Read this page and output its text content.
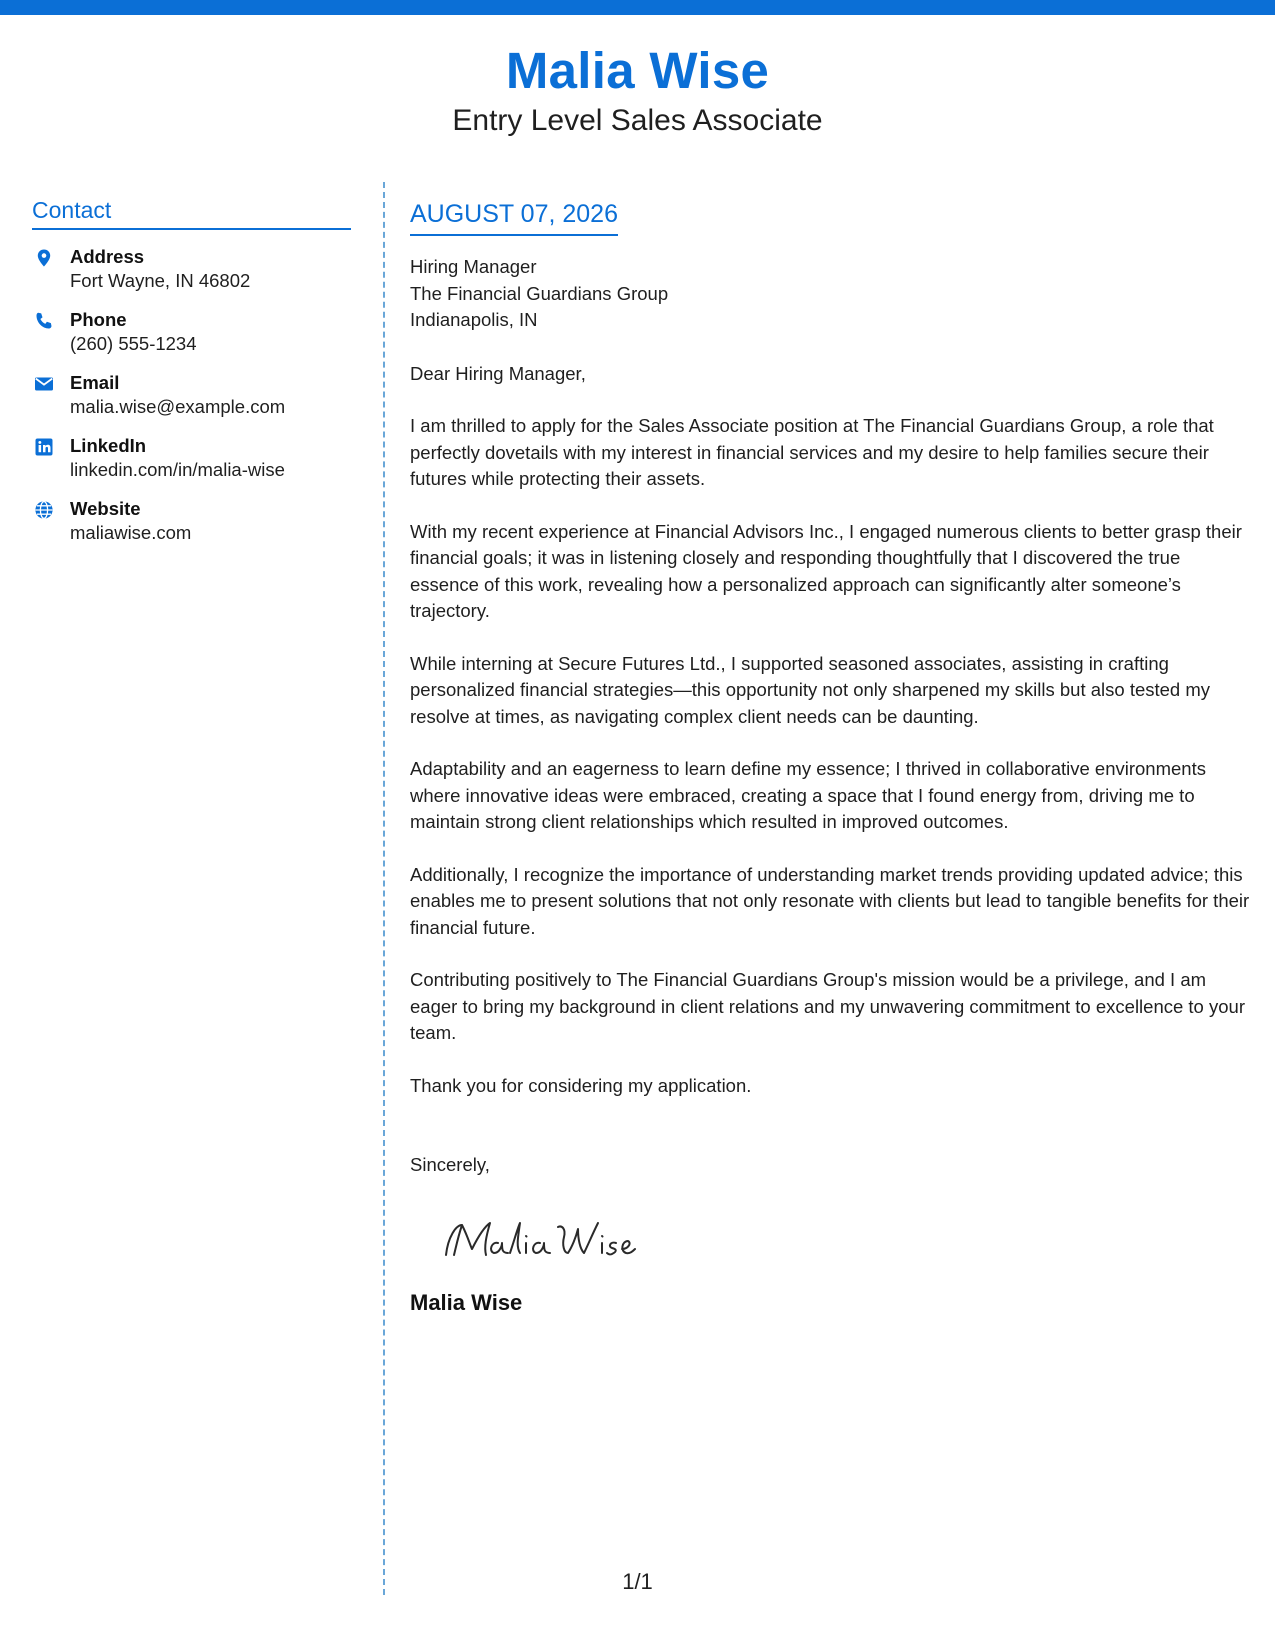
Malia Wise
Entry Level Sales Associate
Contact
Address
Fort Wayne, IN 46802
Phone
(260) 555-1234
Email
malia.wise@example.com
LinkedIn
linkedin.com/in/malia-wise
Website
maliawise.com
AUGUST 07, 2026
Hiring Manager
The Financial Guardians Group
Indianapolis, IN
Dear Hiring Manager,
I am thrilled to apply for the Sales Associate position at The Financial Guardians Group, a role that perfectly dovetails with my interest in financial services and my desire to help families secure their futures while protecting their assets.
With my recent experience at Financial Advisors Inc., I engaged numerous clients to better grasp their financial goals; it was in listening closely and responding thoughtfully that I discovered the true essence of this work, revealing how a personalized approach can significantly alter someone’s trajectory.
While interning at Secure Futures Ltd., I supported seasoned associates, assisting in crafting personalized financial strategies—this opportunity not only sharpened my skills but also tested my resolve at times, as navigating complex client needs can be daunting.
Adaptability and an eagerness to learn define my essence; I thrived in collaborative environments where innovative ideas were embraced, creating a space that I found energy from, driving me to maintain strong client relationships which resulted in improved outcomes.
Additionally, I recognize the importance of understanding market trends providing updated advice; this enables me to present solutions that not only resonate with clients but lead to tangible benefits for their financial future.
Contributing positively to The Financial Guardians Group's mission would be a privilege, and I am eager to bring my background in client relations and my unwavering commitment to excellence to your team.
Thank you for considering my application.
Sincerely,
Malia Wise
1/1
